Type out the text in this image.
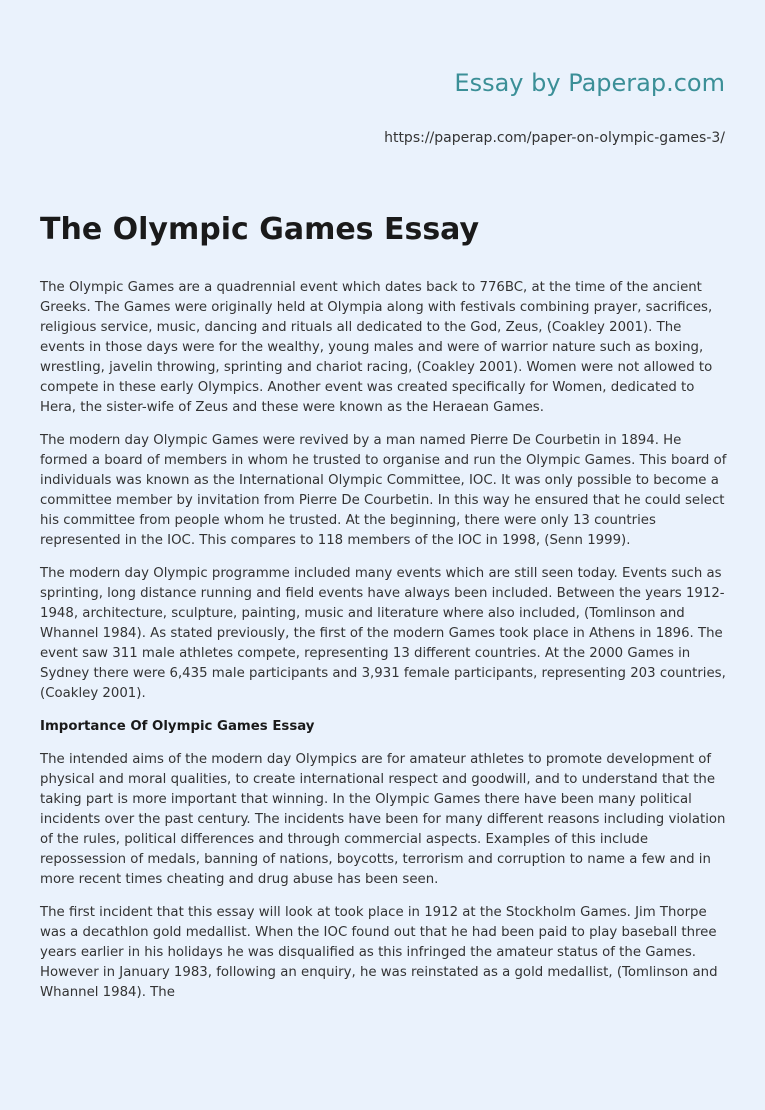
Essay by Paperap.com
https://paperap.com/paper-on-olympic-games-3/
The Olympic Games Essay

The Olympic Games are a quadrennial event which dates back to 776BC, at the time of the ancient Greeks. The Games were originally held at Olympia along with festivals combining prayer, sacrifices, religious service, music, dancing and rituals all dedicated to the God, Zeus, (Coakley 2001). The events in those days were for the wealthy, young males and were of warrior nature such as boxing, wrestling, javelin throwing, sprinting and chariot racing, (Coakley 2001). Women were not allowed to compete in these early Olympics. Another event was created specifically for Women, dedicated to Hera, the sister-wife of Zeus and these were known as the Heraean Games.

The modern day Olympic Games were revived by a man named Pierre De Courbetin in 1894. He formed a board of members in whom he trusted to organise and run the Olympic Games. This board of individuals was known as the International Olympic Committee, IOC. It was only possible to become a committee member by invitation from Pierre De Courbetin. In this way he ensured that he could select his committee from people whom he trusted. At the beginning, there were only 13 countries represented in the IOC. This compares to 118 members of the IOC in 1998, (Senn 1999).

The modern day Olympic programme included many events which are still seen today. Events such as sprinting, long distance running and field events have always been included. Between the years 1912-1948, architecture, sculpture, painting, music and literature where also included, (Tomlinson and Whannel 1984). As stated previously, the first of the modern Games took place in Athens in 1896. The event saw 311 male athletes compete, representing 13 different countries. At the 2000 Games in Sydney there were 6,435 male participants and 3,931 female participants, representing 203 countries, (Coakley 2001).

Importance Of Olympic Games Essay

The intended aims of the modern day Olympics are for amateur athletes to promote development of physical and moral qualities, to create international respect and goodwill, and to understand that the taking part is more important that winning. In the Olympic Games there have been many political incidents over the past century. The incidents have been for many different reasons including violation of the rules, political differences and through commercial aspects. Examples of this include repossession of medals, banning of nations, boycotts, terrorism and corruption to name a few and in more recent times cheating and drug abuse has been seen.

The first incident that this essay will look at took place in 1912 at the Stockholm Games. Jim Thorpe was a decathlon gold medallist. When the IOC found out that he had been paid to play baseball three years earlier in his holidays he was disqualified as this infringed the amateur status of the Games. However in January 1983, following an enquiry, he was reinstated as a gold medallist, (Tomlinson and Whannel 1984). The
